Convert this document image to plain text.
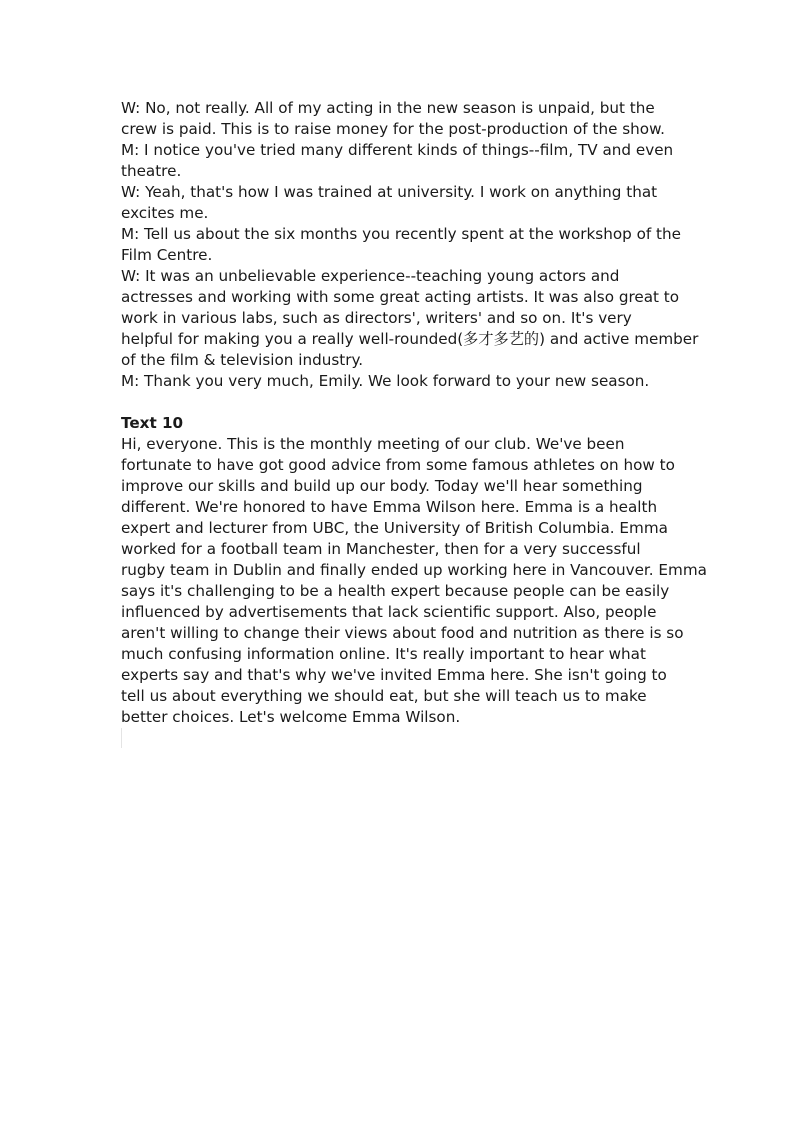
W: No, not really. All of my acting in the new season is unpaid, but the
crew is paid. This is to raise money for the post-production of the show.
M: I notice you've tried many different kinds of things--film, TV and even
theatre.
W: Yeah, that's how I was trained at university. I work on anything that
excites me.
M: Tell us about the six months you recently spent at the workshop of the
Film Centre.
W: It was an unbelievable experience--teaching young actors and
actresses and working with some great acting artists. It was also great to
work in various labs, such as directors', writers' and so on. It's very
helpful for making you a really well-rounded(多才多艺的) and active member
of the film & television industry.
M: Thank you very much, Emily. We look forward to your new season.
Text 10
Hi, everyone. This is the monthly meeting of our club. We've been
fortunate to have got good advice from some famous athletes on how to
improve our skills and build up our body. Today we'll hear something
different. We're honored to have Emma Wilson here. Emma is a health
expert and lecturer from UBC, the University of British Columbia. Emma
worked for a football team in Manchester, then for a very successful
rugby team in Dublin and finally ended up working here in Vancouver. Emma
says it's challenging to be a health expert because people can be easily
influenced by advertisements that lack scientific support. Also, people
aren't willing to change their views about food and nutrition as there is so
much confusing information online. It's really important to hear what
experts say and that's why we've invited Emma here. She isn't going to
tell us about everything we should eat, but she will teach us to make
better choices. Let's welcome Emma Wilson.
